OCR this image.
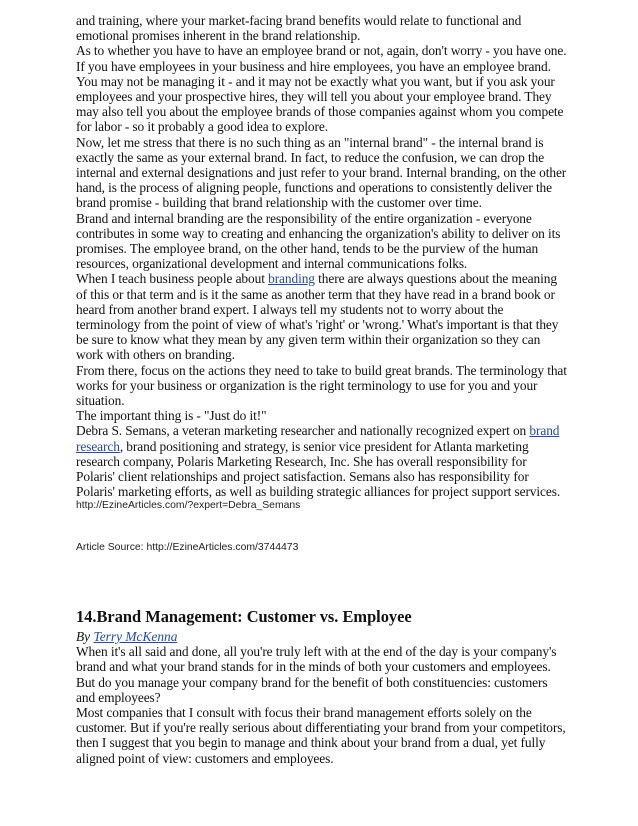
and training, where your market-facing brand benefits would relate to functional and emotional promises inherent in the brand relationship.

As to whether you have to have an employee brand or not, again, don't worry - you have one. If you have employees in your business and hire employees, you have an employee brand. You may not be managing it - and it may not be exactly what you want, but if you ask your employees and your prospective hires, they will tell you about your employee brand. They may also tell you about the employee brands of those companies against whom you compete for labor - so it probably a good idea to explore.

Now, let me stress that there is no such thing as an "internal brand" - the internal brand is exactly the same as your external brand. In fact, to reduce the confusion, we can drop the internal and external designations and just refer to your brand. Internal branding, on the other hand, is the process of aligning people, functions and operations to consistently deliver the brand promise - building that brand relationship with the customer over time.

Brand and internal branding are the responsibility of the entire organization - everyone contributes in some way to creating and enhancing the organization's ability to deliver on its promises. The employee brand, on the other hand, tends to be the purview of the human resources, organizational development and internal communications folks.

When I teach business people about branding there are always questions about the meaning of this or that term and is it the same as another term that they have read in a brand book or heard from another brand expert. I always tell my students not to worry about the terminology from the point of view of what's 'right' or 'wrong.' What's important is that they be sure to know what they mean by any given term within their organization so they can work with others on branding.

From there, focus on the actions they need to take to build great brands. The terminology that works for your business or organization is the right terminology to use for you and your situation.

The important thing is - "Just do it!"

Debra S. Semans, a veteran marketing researcher and nationally recognized expert on brand research, brand positioning and strategy, is senior vice president for Atlanta marketing research company, Polaris Marketing Research, Inc. She has overall responsibility for Polaris' client relationships and project satisfaction. Semans also has responsibility for Polaris' marketing efforts, as well as building strategic alliances for project support services.

http://EzineArticles.com/?expert=Debra_Semans
Article Source: http://EzineArticles.com/3744473
14.Brand Management: Customer vs. Employee
By Terry McKenna

When it's all said and done, all you're truly left with at the end of the day is your company's brand and what your brand stands for in the minds of both your customers and employees. But do you manage your company brand for the benefit of both constituencies: customers and employees?

Most companies that I consult with focus their brand management efforts solely on the customer. But if you're really serious about differentiating your brand from your competitors, then I suggest that you begin to manage and think about your brand from a dual, yet fully aligned point of view: customers and employees.
